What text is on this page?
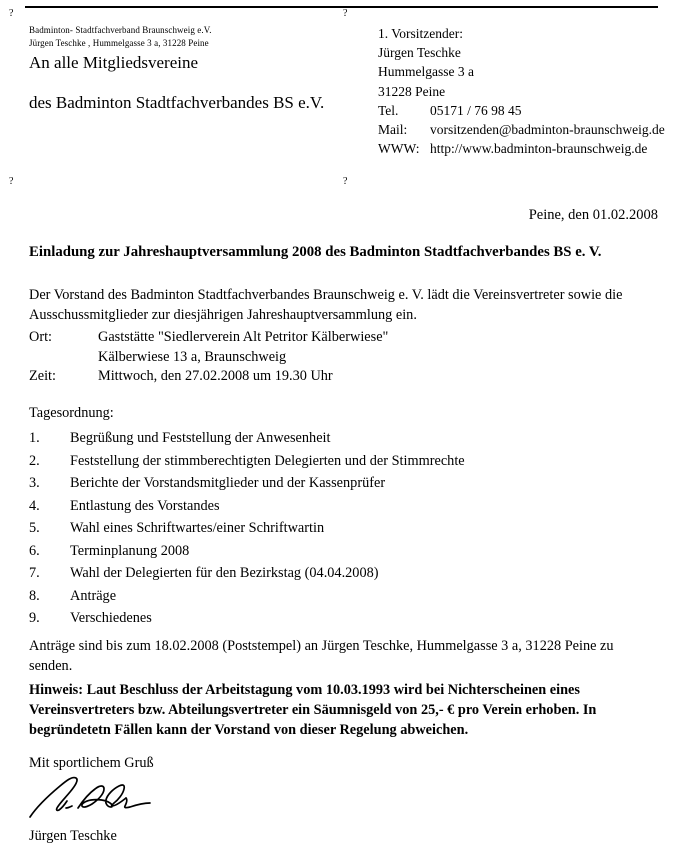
?	?
?	?
Badminton- Stadtfachverband Braunschweig e.V.
Jürgen Teschke , Hummelgasse 3 a, 31228 Peine
An alle Mitgliedsvereine
des Badminton Stadtfachverbandes BS e.V.
1. Vorsitzender:
Jürgen Teschke
Hummelgasse 3 a
31228 Peine
Tel.	05171 / 76 98 45
Mail:	vorsitzenden@badminton-braunschweig.de
WWW: http://www.badminton-braunschweig.de
Peine, den 01.02.2008
Einladung zur Jahreshauptversammlung 2008 des Badminton Stadtfachverbandes BS e. V.
Der Vorstand des Badminton Stadtfachverbandes Braunschweig e. V. lädt die Vereinsvertreter sowie die Ausschussmitglieder zur diesjährigen Jahreshauptversammlung ein.
Ort:	Gaststätte "Siedlerverein Alt Petritor Kälberwiese"
Kälberwiese 13 a, Braunschweig
Zeit:	Mittwoch, den 27.02.2008 um 19.30 Uhr
Tagesordnung:
1.	Begrüßung und Feststellung der Anwesenheit
2.	Feststellung der stimmberechtigten Delegierten und der Stimmrechte
3.	Berichte der Vorstandsmitglieder und der Kassenprüfer
4.	Entlastung des Vorstandes
5.	Wahl eines Schriftwartes/einer Schriftwartin
6.	Terminplanung 2008
7.	Wahl der Delegierten für den Bezirkstag (04.04.2008)
8.	Anträge
9.	Verschiedenes
Anträge sind bis zum 18.02.2008 (Poststempel) an Jürgen Teschke, Hummelgasse 3 a, 31228 Peine zu senden.
Hinweis: Laut Beschluss der Arbeitstagung vom 10.03.1993 wird bei Nichterscheinen eines Vereinsvertreters bzw. Abteilungsvertreter ein Säumnisgeld von 25,- € pro Verein erhoben. In begründetetn Fällen kann der Vorstand von dieser Regelung abweichen.
Mit sportlichem Gruß
Jürgen Teschke
